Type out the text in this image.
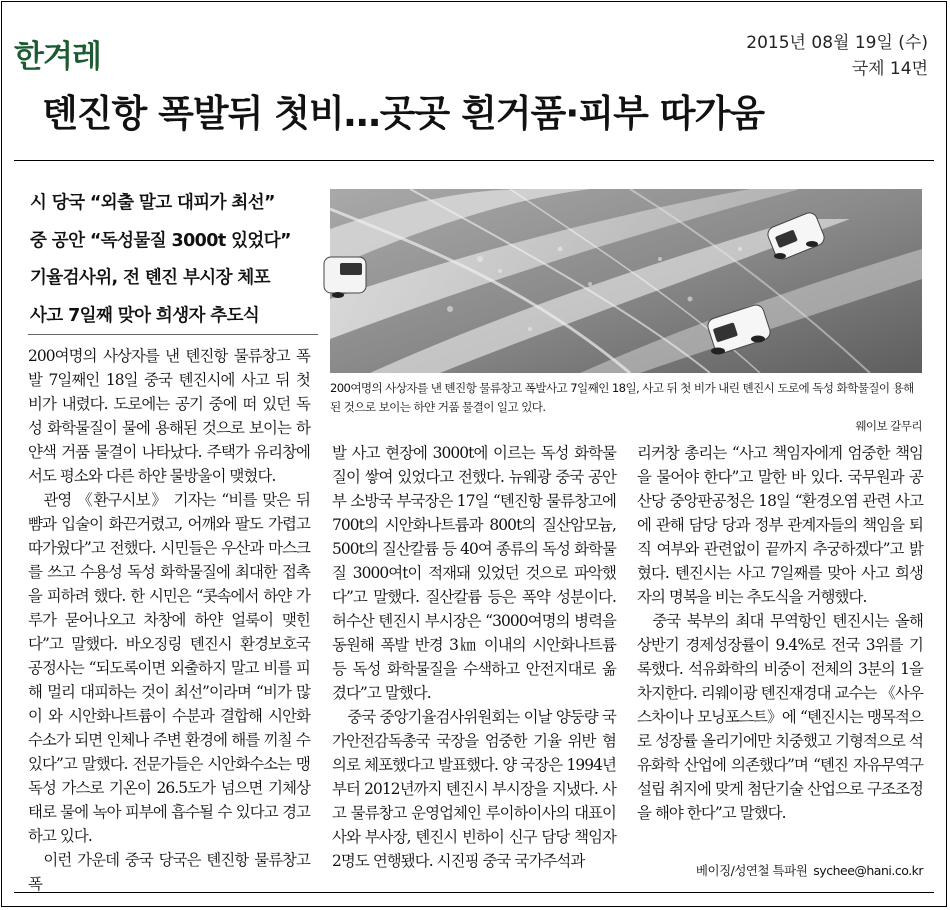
한겨레	2015년 08월 19일 (수)
국제 14면
톈진항 폭발뒤 첫비…곳곳 흰거품·피부 따가움
시 당국 “외출 말고 대피가 최선”
중 공안 “독성물질 3000t 있었다”
기율검사위, 전 톈진 부시장 체포
사고 7일째 맞아 희생자 추도식
200여명의 사상자를 낸 톈진항 물류창고 폭발사고 7일째인 18일, 사고 뒤 첫 비가 내린 톈진시 도로에 독성 화학물질이 용해된 것으로 보이는 하얀 거품 물결이 일고 있다.
웨이보 갈무리

200여명의 사상자를 낸 톈진항 물류창고 폭발 7일째인 18일 중국 톈진시에 사고 뒤 첫 비가 내렸다. 도로에는 공기 중에 떠 있던 독성 화학물질이 물에 용해된 것으로 보이는 하얀색 거품 물결이 나타났다. 주택가 유리창에서도 평소와 다른 하얀 물방울이 맺혔다.

관영 《환구시보》 기자는 “비를 맞은 뒤 뺨과 입술이 화끈거렸고, 어깨와 팔도 가렵고 따가웠다”고 전했다. 시민들은 우산과 마스크를 쓰고 수용성 독성 화학물질에 최대한 접촉을 피하려 했다. 한 시민은 “콧속에서 하얀 가루가 묻어나오고 차창에 하얀 얼룩이 맺힌다”고 말했다. 바오징링 톈진시 환경보호국 공정사는 “되도록이면 외출하지 말고 비를 피해 멀리 대피하는 것이 최선”이라며 “비가 많이 와 시안화나트륨이 수분과 결합해 시안화수소가 되면 인체나 주변 환경에 해를 끼칠 수 있다”고 말했다. 전문가들은 시안화수소는 맹독성 가스로 기온이 26.5도가 넘으면 기체상태로 물에 녹아 피부에 흡수될 수 있다고 경고하고 있다.

이런 가운데 중국 당국은 톈진항 물류창고 폭

발 사고 현장에 3000t에 이르는 독성 화학물질이 쌓여 있었다고 전했다. 뉴웨광 중국 공안부 소방국 부국장은 17일 “톈진항 물류창고에 700t의 시안화나트륨과 800t의 질산암모늄, 500t의 질산칼륨 등 40여 종류의 독성 화학물질 3000여t이 적재돼 있었던 것으로 파악했다”고 말했다. 질산칼륨 등은 폭약 성분이다. 허수산 톈진시 부시장은 “3000여명의 병력을 동원해 폭발 반경 3㎞ 이내의 시안화나트륨 등 독성 화학물질을 수색하고 안전지대로 옮겼다”고 말했다.

중국 중앙기율검사위원회는 이날 양둥량 국가안전감독총국 국장을 엄중한 기율 위반 혐의로 체포했다고 발표했다. 양 국장은 1994년부터 2012년까지 톈진시 부시장을 지냈다. 사고 물류창고 운영업체인 루이하이사의 대표이사와 부사장, 톈진시 빈하이 신구 담당 책임자 2명도 연행됐다. 시진핑 중국 국가주석과

리커창 총리는 “사고 책임자에게 엄중한 책임을 물어야 한다”고 말한 바 있다. 국무원과 공산당 중앙판공청은 18일 “환경오염 관련 사고에 관해 담당 당과 정부 관계자들의 책임을 퇴직 여부와 관련없이 끝까지 추궁하겠다”고 밝혔다. 톈진시는 사고 7일째를 맞아 사고 희생자의 명복을 비는 추도식을 거행했다.

중국 북부의 최대 무역항인 톈진시는 올해 상반기 경제성장률이 9.4%로 전국 3위를 기록했다. 석유화학의 비중이 전체의 3분의 1을 차지한다. 리웨이광 톈진재경대 교수는 《사우스차이나 모닝포스트》에 “톈진시는 맹목적으로 성장률 올리기에만 치중했고 기형적으로 석유화학 산업에 의존했다”며 “톈진 자유무역구 설립 취지에 맞게 첨단기술 산업으로 구조조정을 해야 한다”고 말했다.

베이징/성연철 특파원 sychee@hani.co.kr
